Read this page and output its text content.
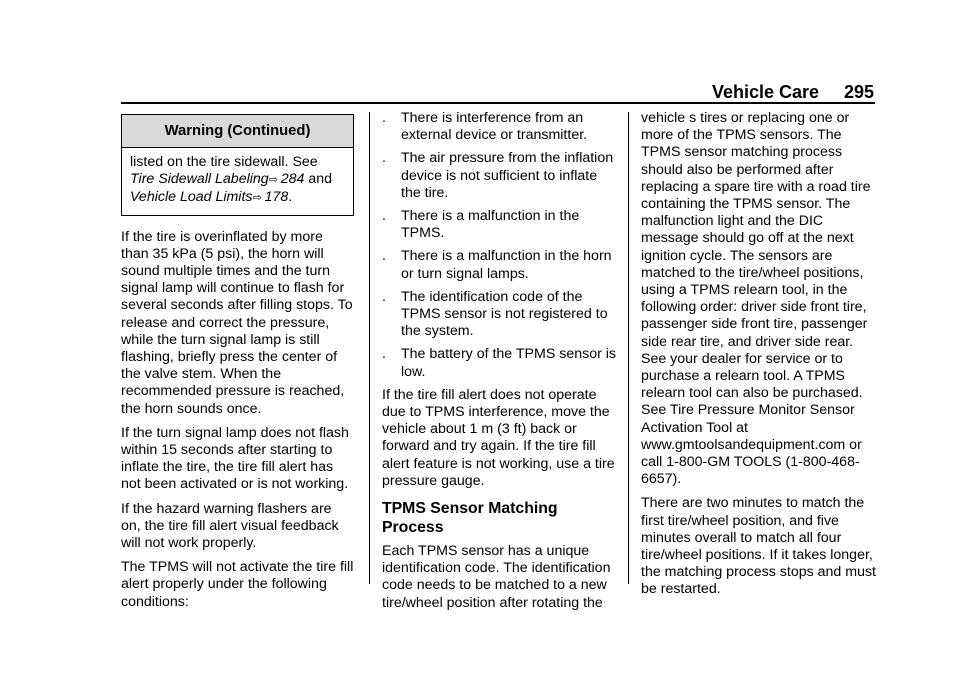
Vehicle Care 295
Warning (Continued)
listed on the tire sidewall. See
Tire Sidewall Labeling⇨  284 and
Vehicle Load Limits⇨  178.

If the tire is overinflated by more than 35 kPa (5 psi), the horn will sound multiple times and the turn signal lamp will continue to flash for several seconds after filling stops. To release and correct the pressure, while the turn signal lamp is still flashing, briefly press the center of the valve stem. When the recommended pressure is reached, the horn sounds once.

If the turn signal lamp does not flash within 15 seconds after starting to inflate the tire, the tire fill alert has not been activated or is not working.

If the hazard warning flashers are on, the tire fill alert visual feedback will not work properly.

The TPMS will not activate the tire fill alert properly under the following conditions:

. There is interference from an external device or transmitter.
. The air pressure from the inflation device is not sufficient to inflate the tire.
. There is a malfunction in the TPMS.
. There is a malfunction in the horn or turn signal lamps.
. The identification code of the TPMS sensor is not registered to the system.
. The battery of the TPMS sensor is low.

If the tire fill alert does not operate due to TPMS interference, move the vehicle about 1 m (3 ft) back or forward and try again. If the tire fill alert feature is not working, use a tire pressure gauge.

TPMS Sensor Matching
Process

Each TPMS sensor has a unique identification code. The identification code needs to be matched to a new tire/wheel position after rotating the

vehicle s tires or replacing one or more of the TPMS sensors. The TPMS sensor matching process should also be performed after replacing a spare tire with a road tire containing the TPMS sensor. The malfunction light and the DIC message should go off at the next ignition cycle. The sensors are matched to the tire/wheel positions, using a TPMS relearn tool, in the following order: driver side front tire, passenger side front tire, passenger side rear tire, and driver side rear. See your dealer for service or to purchase a relearn tool. A TPMS relearn tool can also be purchased. See Tire Pressure Monitor Sensor Activation Tool at www.gmtoolsandequipment.com or call 1-800-GM TOOLS (1-800-468-6657).

There are two minutes to match the first tire/wheel position, and five minutes overall to match all four tire/wheel positions. If it takes longer, the matching process stops and must be restarted.
